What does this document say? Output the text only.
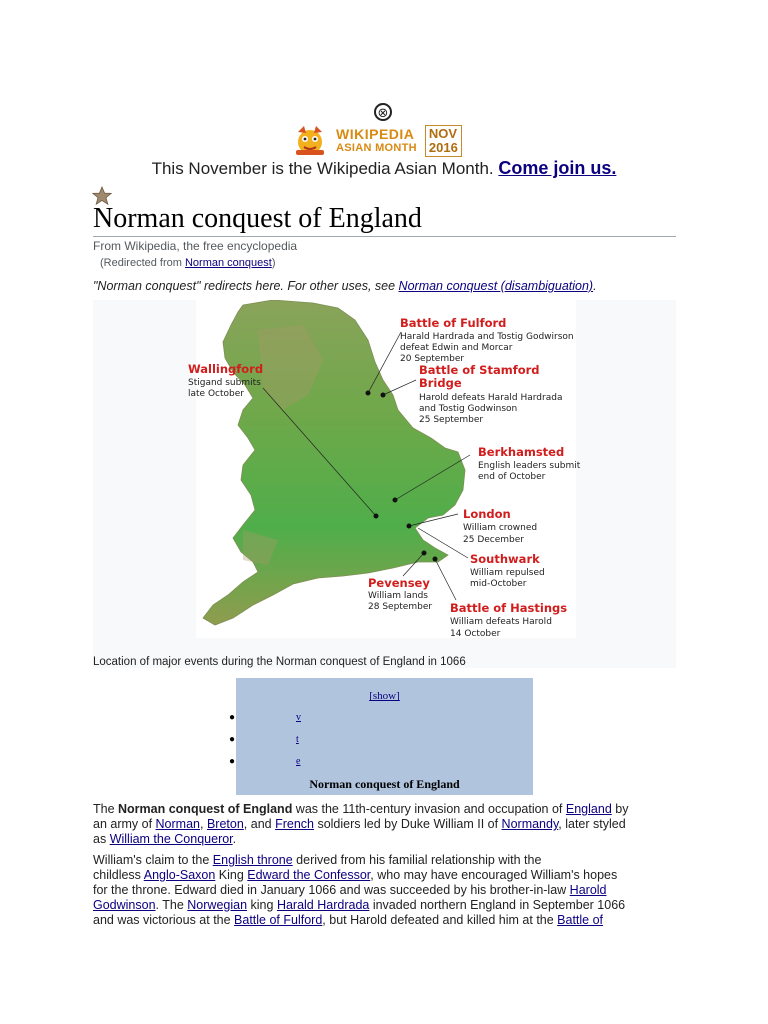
⊗
WIKIPEDIA
ASIAN MONTH
NOV
2016
This November is the Wikipedia Asian Month. Come join us.
Norman conquest of England
From Wikipedia, the free encyclopedia
(Redirected from Norman conquest)
"Norman conquest" redirects here. For other uses, see Norman conquest (disambiguation).
Battle of Fulford
Harald Hardrada and Tostig Godwirson
defeat Edwin and Morcar
20 September
Wallingford
Stigand submits
late October
Battle of Stamford
Bridge
Harold defeats Harald Hardrada
and Tostig Godwinson
25 September
Berkhamsted
English leaders submit
end of October
London
William crowned
25 December
Southwark
William repulsed
mid-October
Pevensey
William lands
28 September Battle of Hastings
William defeats Harold
14 October
Location of major events during the Norman conquest of England in 1066
[show]
●	v
●	t
●	e
Norman conquest of England
The Norman conquest of England was the 11th-century invasion and occupation of England by
an army of Norman, Breton, and French soldiers led by Duke William II of Normandy, later styled
as William the Conqueror.
William's claim to the English throne derived from his familial relationship with the
childless Anglo-Saxon King Edward the Confessor, who may have encouraged William's hopes
for the throne. Edward died in January 1066 and was succeeded by his brother-in-law Harold
Godwinson. The Norwegian king Harald Hardrada invaded northern England in September 1066
and was victorious at the Battle of Fulford, but Harold defeated and killed him at the Battle of
